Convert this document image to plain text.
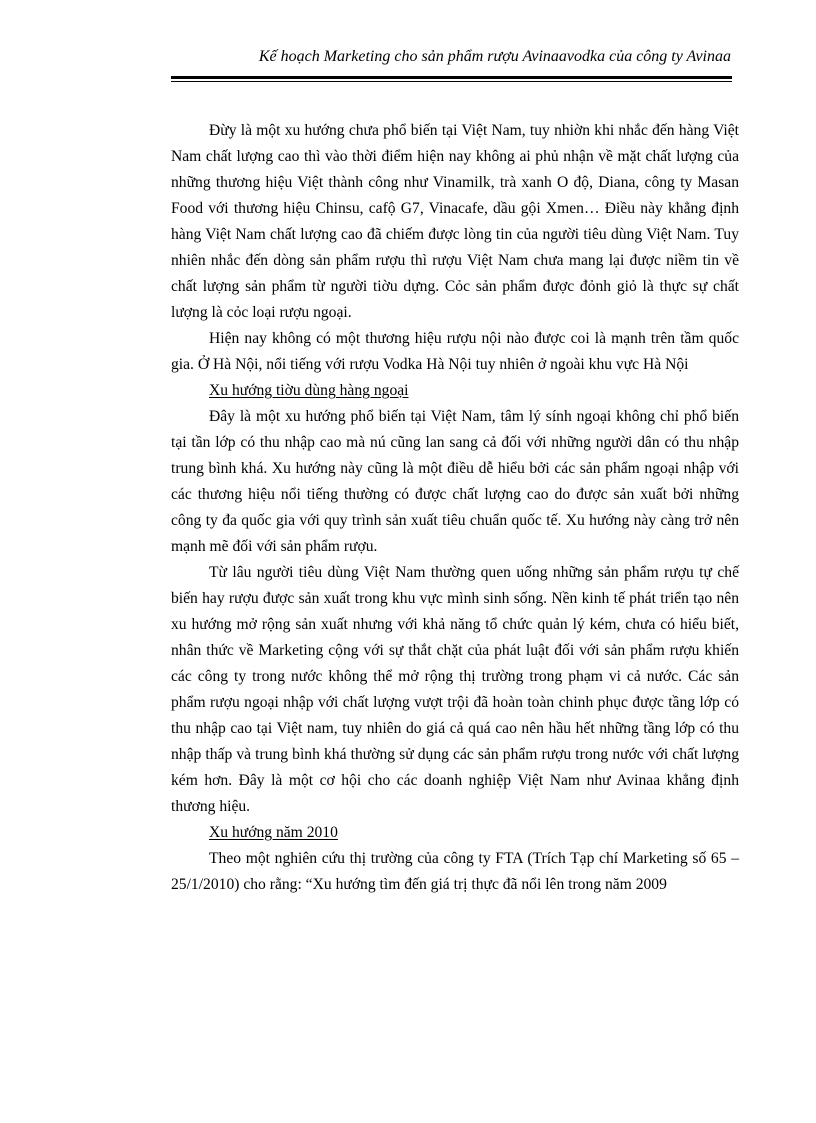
Kế hoạch Marketing cho sản phẩm rượu Avinaavodka của công ty Avinaa

Đừy là một xu hướng chưa phổ biến tại Việt Nam, tuy nhiờn khi nhắc đến hàng Việt Nam chất lượng cao thì vào thời điểm hiện nay không ai phủ nhận về mặt chất lượng của những thương hiệu Việt thành công như Vinamilk, trà xanh O độ, Diana, công ty Masan Food với thương hiệu Chinsu, cafộ G7, Vinacafe, dầu gội Xmen… Điều này khẳng định hàng Việt Nam chất lượng cao đã chiếm được lòng tin của người tiêu dùng Việt Nam. Tuy nhiên nhắc đến dòng sản phẩm rượu thì rượu Việt Nam chưa mang lại được niềm tin về chất lượng sản phẩm từ người tiờu dựng. Cỏc sản phẩm được đỏnh giỏ là thực sự chất lượng là cỏc loại rượu ngoại.

Hiện nay không có một thương hiệu rượu nội nào được coi là mạnh trên tầm quốc gia. Ở Hà Nội, nổi tiếng với rượu Vodka Hà Nội tuy nhiên ở ngoài khu vực Hà Nội

Xu hướng tiờu dùng hàng ngoại

Đây là một xu hướng phổ biến tại Việt Nam, tâm lý sính ngoại không chỉ phổ biến tại tần lớp có thu nhập cao mà nú cũng lan sang cả đối với những người dân có thu nhập trung bình khá. Xu hướng này cũng là một điều dễ hiểu bởi các sản phẩm ngoại nhập với các thương hiệu nổi tiếng thường có được chất lượng cao do được sản xuất bởi những công ty đa quốc gia với quy trình sản xuất tiêu chuẩn quốc tế. Xu hướng này càng trở nên mạnh mẽ đối với sản phẩm rượu.

Từ lâu người tiêu dùng Việt Nam thường quen uống những sản phẩm rượu tự chế biến hay rượu được sản xuất trong khu vực mình sinh sống. Nền kinh tế phát triển tạo nên xu hướng mở rộng sản xuất nhưng với khả năng tổ chức quản lý kém, chưa có hiểu biết, nhân thức về Marketing cộng với sự thắt chặt của phát luật đối với sản phẩm rượu khiến các công ty trong nước không thể mở rộng thị trường trong phạm vi cả nước. Các sản phẩm rượu ngoại nhập với chất lượng vượt trội đã hoàn toàn chinh phục được tầng lớp có thu nhập cao tại Việt nam, tuy nhiên do giá cả quá cao nên hầu hết những tầng lớp có thu nhập thấp và trung bình khá thường sử dụng các sản phẩm rượu trong nước với chất lượng kém hơn. Đây là một cơ hội cho các doanh nghiệp Việt Nam như Avinaa khẳng định thương hiệu.

Xu hướng năm 2010

Theo một nghiên cứu thị trường của công ty FTA (Trích Tạp chí Marketing số 65 – 25/1/2010) cho rằng: “Xu hướng tìm đến giá trị thực đã nổi lên trong năm 2009
